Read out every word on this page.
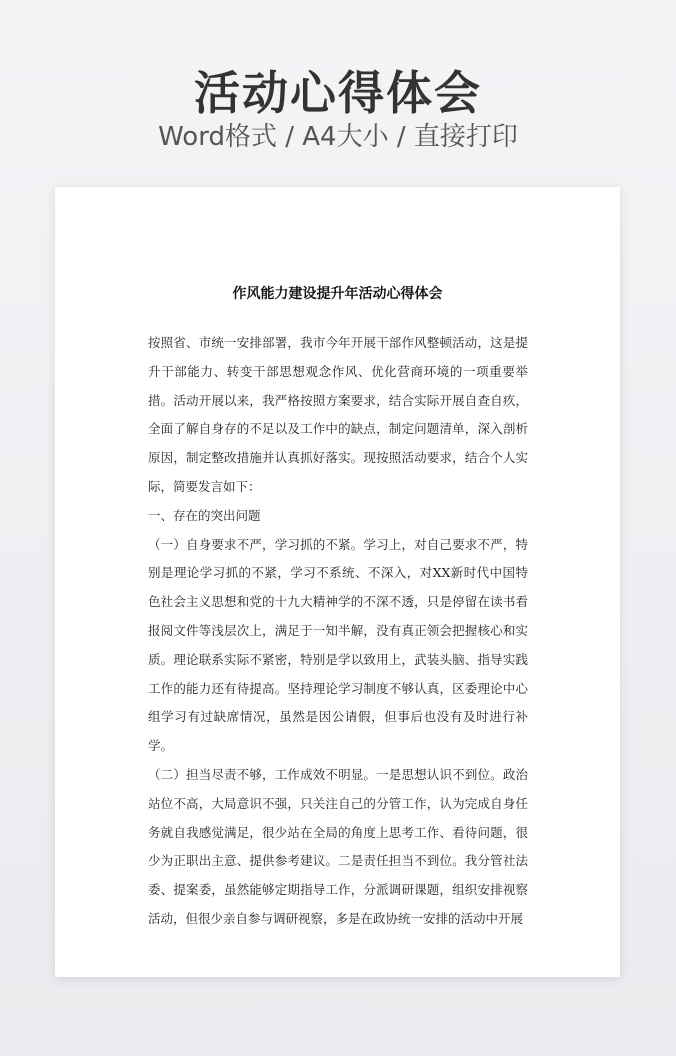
活动心得体会
Word格式 / A4大小 / 直接打印
作风能力建设提升年活动心得体会

按照省、市统一安排部署，我市今年开展干部作风整顿活动，这是提升干部能力、转变干部思想观念作风、优化营商环境的一项重要举措。活动开展以来，我严格按照方案要求，结合实际开展自查自疚，全面了解自身存的不足以及工作中的缺点，制定问题清单，深入剖析原因，制定整改措施并认真抓好落实。现按照活动要求，结合个人实际，简要发言如下：

一、存在的突出问题

（一）自身要求不严，学习抓的不紧。学习上，对自己要求不严，特别是理论学习抓的不紧，学习不系统、不深入，对XX新时代中国特色社会主义思想和党的十九大精神学的不深不透，只是停留在读书看报阅文件等浅层次上，满足于一知半解，没有真正领会把握核心和实质。理论联系实际不紧密，特别是学以致用上，武装头脑、指导实践工作的能力还有待提高。坚持理论学习制度不够认真，区委理论中心组学习有过缺席情况，虽然是因公请假，但事后也没有及时进行补学。

（二）担当尽责不够，工作成效不明显。一是思想认识不到位。政治站位不高，大局意识不强，只关注自己的分管工作，认为完成自身任务就自我感觉满足，很少站在全局的角度上思考工作、看待问题，很少为正职出主意、提供参考建议。二是责任担当不到位。我分管社法委、提案委，虽然能够定期指导工作，分派调研课题，组织安排视察活动，但很少亲自参与调研视察，多是在政协统一安排的活动中开展
